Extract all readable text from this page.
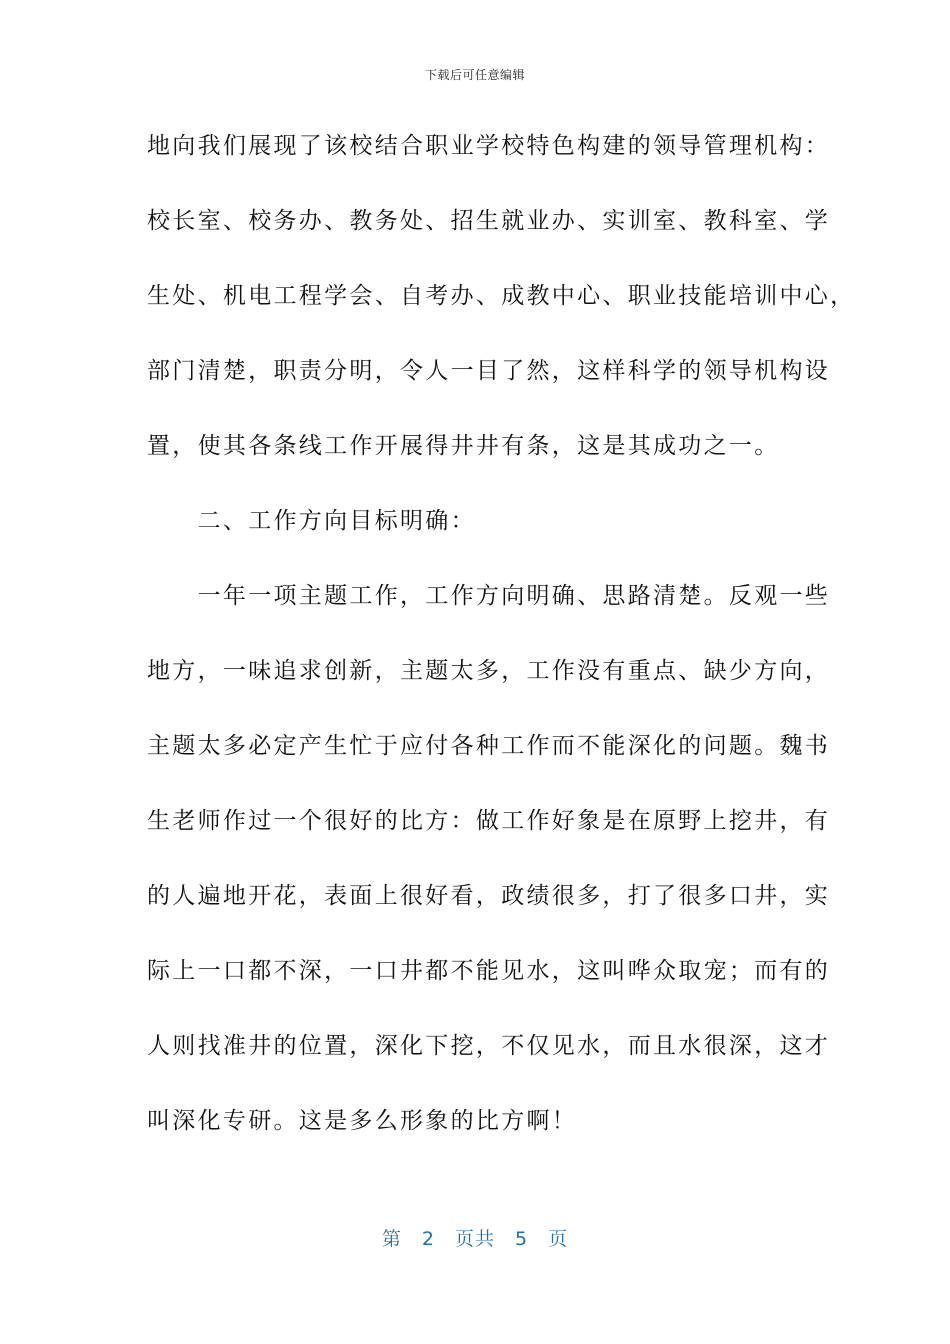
下载后可任意编辑
地向我们展现了该校结合职业学校特色构建的领导管理机构：
校长室、校务办、教务处、招生就业办、实训室、教科室、学
生处、机电工程学会、自考办、成教中心、职业技能培训中心，
部门清楚，职责分明，令人一目了然，这样科学的领导机构设
置，使其各条线工作开展得井井有条，这是其成功之一。
　　二、工作方向目标明确：
　　一年一项主题工作，工作方向明确、思路清楚。反观一些
地方，一味追求创新，主题太多，工作没有重点、缺少方向，
主题太多必定产生忙于应付各种工作而不能深化的问题。魏书
生老师作过一个很好的比方：做工作好象是在原野上挖井，有
的人遍地开花，表面上很好看，政绩很多，打了很多口井，实
际上一口都不深，一口井都不能见水，这叫哗众取宠；而有的
人则找准井的位置，深化下挖，不仅见水，而且水很深，这才
叫深化专研。这是多么形象的比方啊！
第 2 页共 5 页
